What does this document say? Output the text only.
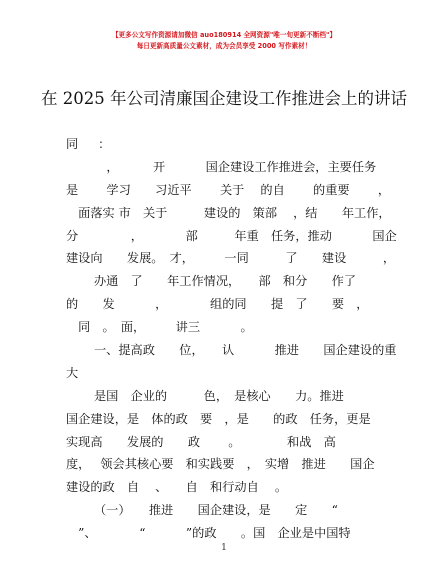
【更多公文写作资源请加微信 auo180914 全网资源"唯一旬更新不断档"】
每日更新高质量公文素材，成为会员享受 2000 写作素材！
在 2025 年公司清廉国企建设工作推进会上的讲话
同 　 ：
　　　 ，　　　 开　　　 国企建设工作推进会，主要任务
是　　 学习　　习近平　　 关于　 的自　　 的重要　　 ，
　面落实 市　关于　　　建设的　策部　 ，结　　年工作，
分　　　　 ，　　　　部　　　年重　任务，推动　　　 国企
建设向　　发展。　才，　　　一同　　　了　　建设　　　，
办通　了　　年工作情况，　　部　和分　　作了
的　　发　　　 ，　　　　组的同　　提　了　　要　，
　同　。　面，　　　讲三　　　 。
一、提高政　　位，　　认　　　 推进　　国企建设的重
大
是国　企业的　　　色，　是核心　　力。推进
国企建设，是　体的政　要　，是　　的政　任务，更是
实现高　　发展的　　政　　 。　　　　 和战　高
度，　 领会其核心要　和实践要　，　实增　推进　　国企
建设的政　自　 、　　自　和行动自　 。
（一）　　推进　　国企建设，是　　定　　“
　”、　　　　“　　　 ”的政　　。国　企业是中国特
1
